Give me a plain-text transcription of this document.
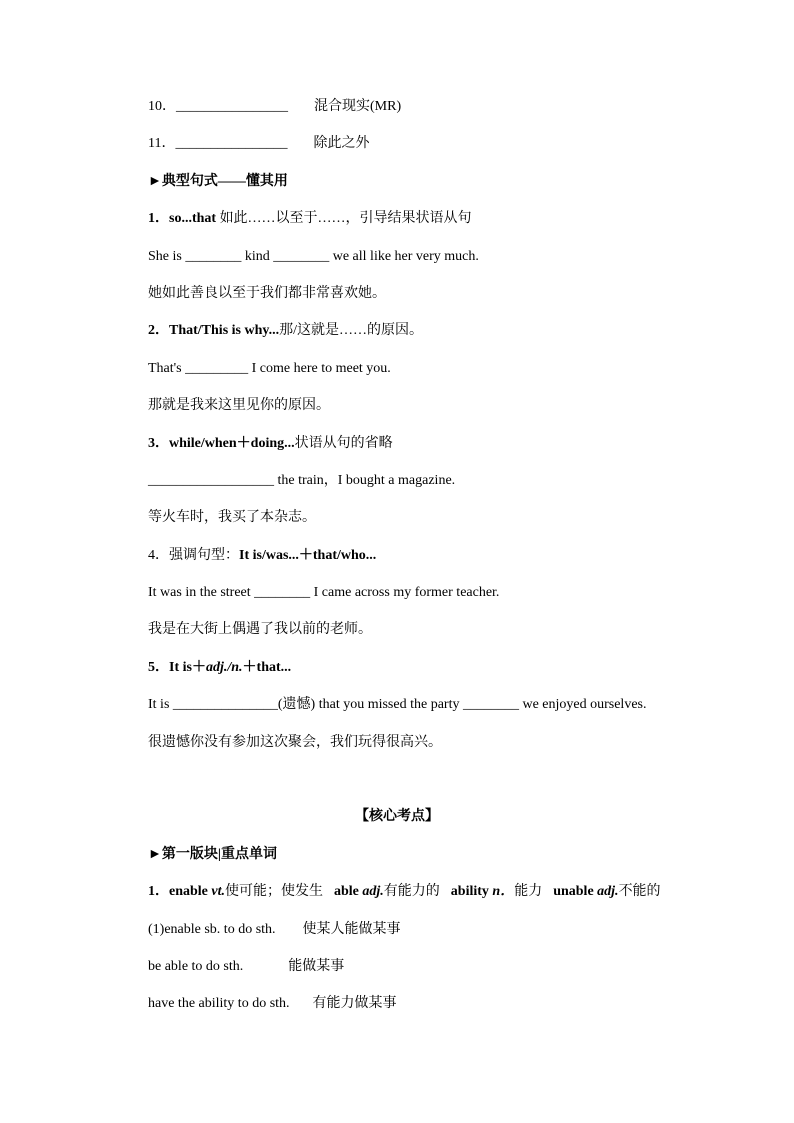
10．________________ 混合现实(MR)
11．________________ 除此之外
►典型句式——懂其用
1．so...that 如此……以至于……，引导结果状语从句
She is ________ kind ________ we all like her very much.
她如此善良以至于我们都非常喜欢她。
2．That/This is why...那/这就是……的原因。
That's _________ I come here to meet you.
那就是我来这里见你的原因。
3．while/when＋doing...状语从句的省略
__________________ the train，I bought a magazine.
等火车时，我买了本杂志。
4．强调句型：It is/was...＋that/who...
It was in the street ________ I came across my former teacher.
我是在大街上偶遇了我以前的老师。
5．It is＋adj./n.＋that...
It is _______________(遗憾) that you missed the party ________ we enjoyed ourselves.
很遗憾你没有参加这次聚会，我们玩得很高兴。
【核心考点】
►第一版块|重点单词
1．enable vt.使可能；使发生 able adj.有能力的 ability n．能力 unable adj.不能的
(1)enable sb. to do sth. 使某人能做某事
be able to do sth.	能做某事
have the ability to do sth. 有能力做某事
